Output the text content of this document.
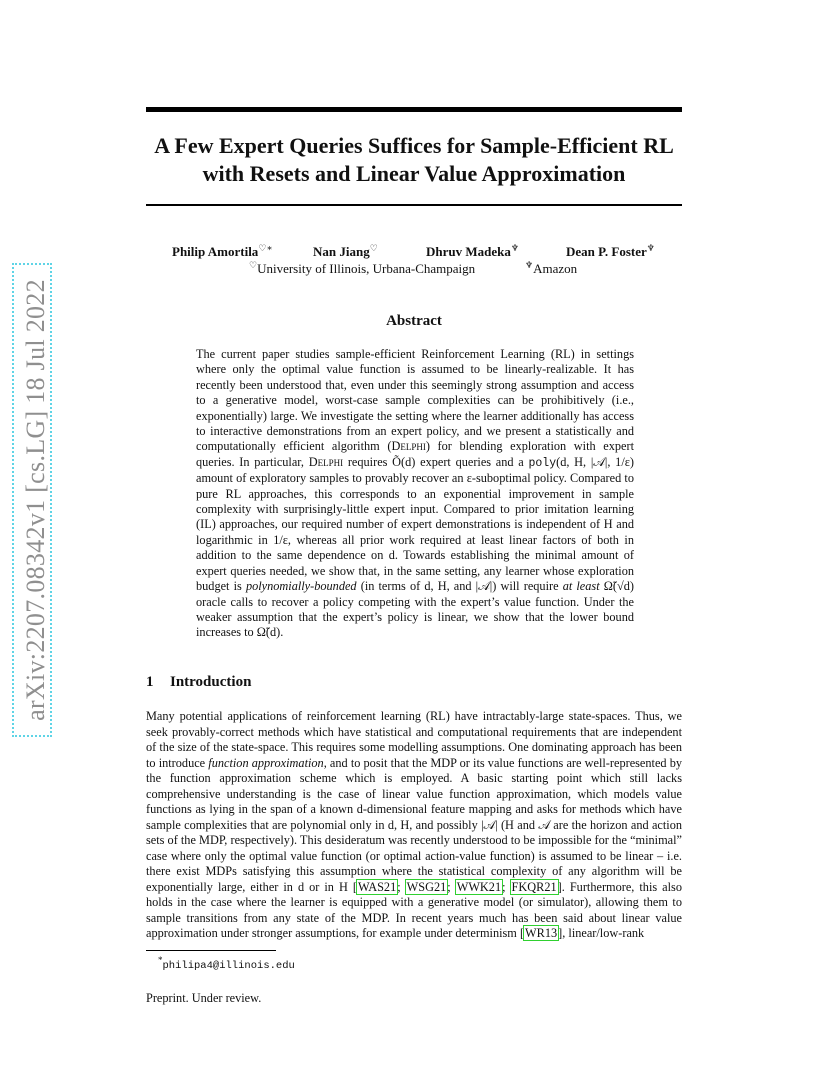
arXiv:2207.08342v1 [cs.LG] 18 Jul 2022
A Few Expert Queries Suffices for Sample-Efficient RL with Resets and Linear Value Approximation
Philip Amortila♡∗	Nan Jiang♡	Dhruv Madeka♆	Dean P. Foster♆
♡University of Illinois, Urbana-Champaign	♆Amazon
Abstract
The current paper studies sample-efficient Reinforcement Learning (RL) in settings where only the optimal value function is assumed to be linearly-realizable. It has recently been understood that, even under this seemingly strong assumption and access to a generative model, worst-case sample complexities can be prohibitively (i.e., exponentially) large. We investigate the setting where the learner additionally has access to interactive demonstrations from an expert policy, and we present a statistically and computationally efficient algorithm (Delphi) for blending exploration with expert queries. In particular, Delphi requires Õ(d) expert queries and a poly(d, H, |𝒜|, 1/ε) amount of exploratory samples to provably recover an ε-suboptimal policy. Compared to pure RL approaches, this corresponds to an exponential improvement in sample complexity with surprisingly-little expert input. Compared to prior imitation learning (IL) approaches, our required number of expert demonstrations is independent of H and logarithmic in 1/ε, whereas all prior work required at least linear factors of both in addition to the same dependence on d. Towards establishing the minimal amount of expert queries needed, we show that, in the same setting, any learner whose exploration budget is polynomially-bounded (in terms of d, H, and |𝒜|) will require at least Ω̃(√d) oracle calls to recover a policy competing with the expert’s value function. Under the weaker assumption that the expert’s policy is linear, we show that the lower bound increases to Ω̃(d).
1 Introduction
Many potential applications of reinforcement learning (RL) have intractably-large state-spaces. Thus, we seek provably-correct methods which have statistical and computational requirements that are independent of the size of the state-space. This requires some modelling assumptions. One dominating approach has been to introduce function approximation, and to posit that the MDP or its value functions are well-represented by the function approximation scheme which is employed. A basic starting point which still lacks comprehensive understanding is the case of linear value function approximation, which models value functions as lying in the span of a known d-dimensional feature mapping and asks for methods which have sample complexities that are polynomial only in d, H, and possibly |𝒜| (H and 𝒜 are the horizon and action sets of the MDP, respectively). This desideratum was recently understood to be impossible for the “minimal” case where only the optimal value function (or optimal action-value function) is assumed to be linear – i.e. there exist MDPs satisfying this assumption where the statistical complexity of any algorithm will be exponentially large, either in d or in H [WAS21; WSG21; WWK21; FKQR21]. Furthermore, this also holds in the case where the learner is equipped with a generative model (or simulator), allowing them to sample transitions from any state of the MDP. In recent years much has been said about linear value approximation under stronger assumptions, for example under determinism [WR13], linear/low-rank
*philipa4@illinois.edu
Preprint. Under review.
